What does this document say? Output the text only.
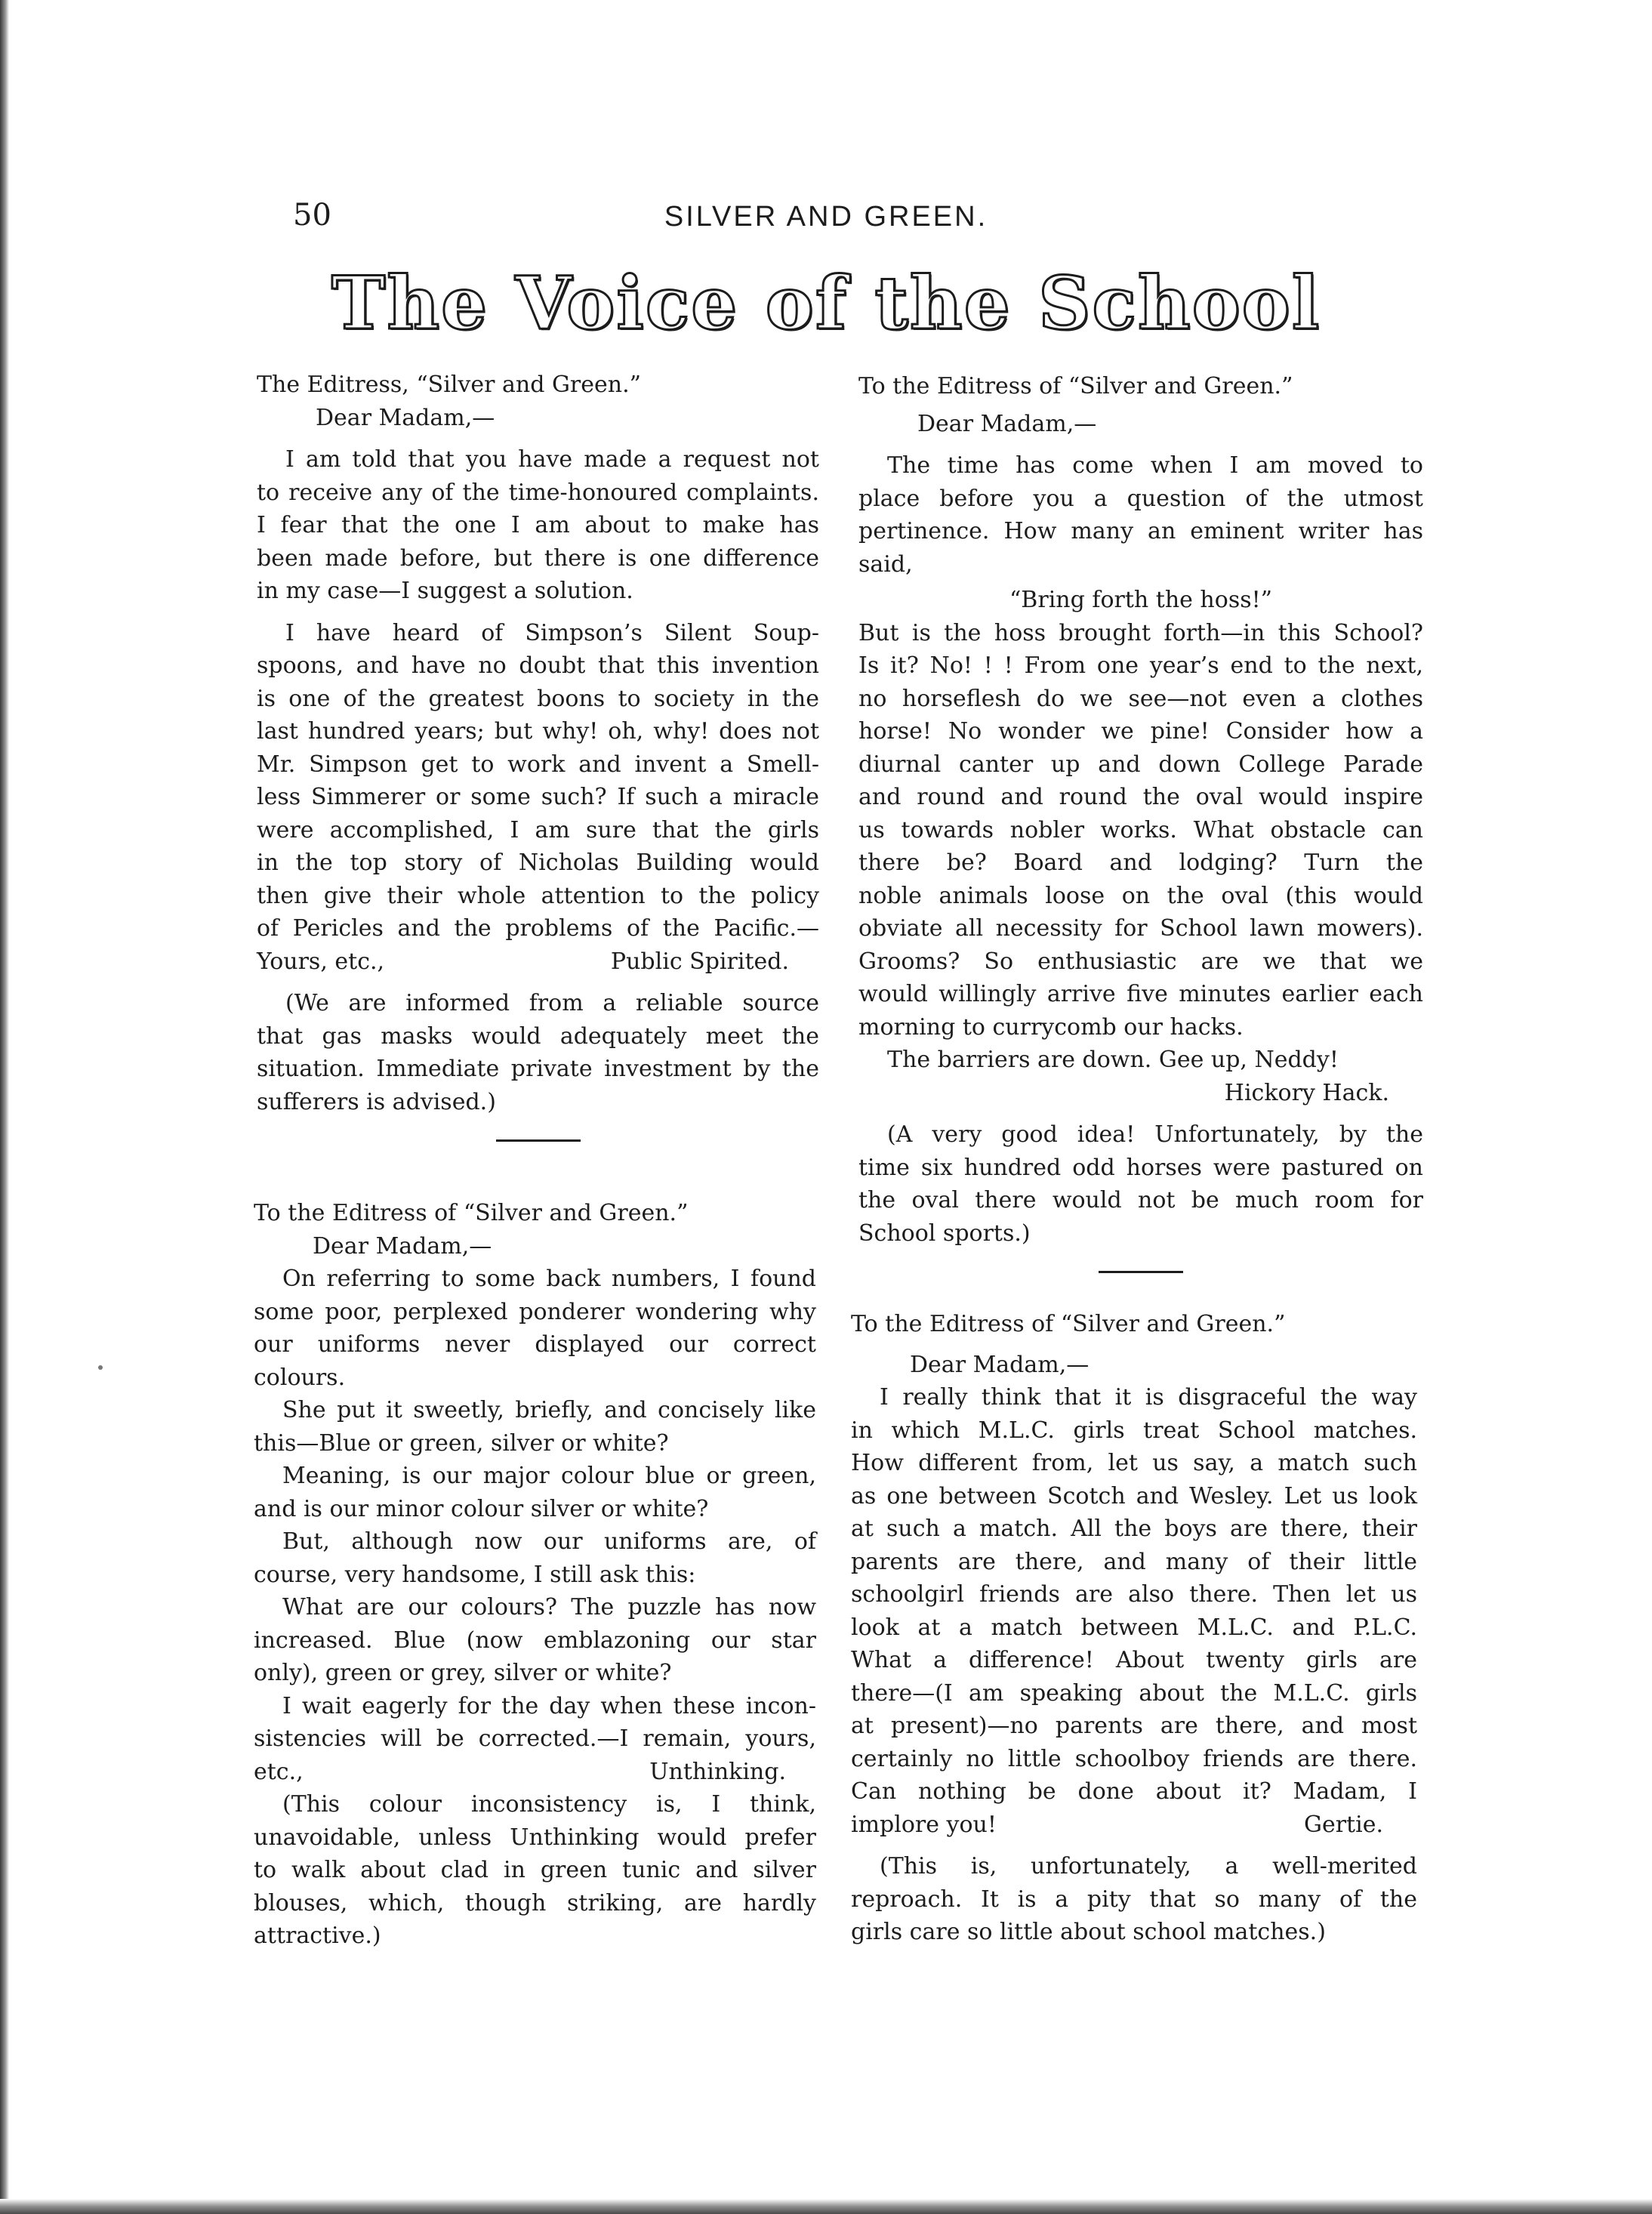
50	SILVER AND GREEN.
The Voice of the School

The Editress, “Silver and Green.”

Dear Madam,—

I am told that you have made a request not

to receive any of the time-honoured complaints.

I fear that the one I am about to make has

been made before, but there is one difference

in my case—I suggest a solution.

I have heard of Simpson’s Silent Soup-

spoons, and have no doubt that this invention

is one of the greatest boons to society in the

last hundred years; but why! oh, why! does not

Mr. Simpson get to work and invent a Smell-

less Simmerer or some such? If such a miracle

were accomplished, I am sure that the girls

in the top story of Nicholas Building would

then give their whole attention to the policy

of Pericles and the problems of the Pacific.—

Yours, etc.,	Public Spirited.

(We are informed from a reliable source

that gas masks would adequately meet the

situation. Immediate private investment by the

sufferers is advised.)

To the Editress of “Silver and Green.”

Dear Madam,—

On referring to some back numbers, I found

some poor, perplexed ponderer wondering why

our uniforms never displayed our correct

colours.

She put it sweetly, briefly, and concisely like

this—Blue or green, silver or white?

Meaning, is our major colour blue or green,

and is our minor colour silver or white?

But, although now our uniforms are, of

course, very handsome, I still ask this:

What are our colours? The puzzle has now

increased. Blue (now emblazoning our star

only), green or grey, silver or white?

I wait eagerly for the day when these incon-

sistencies will be corrected.—I remain, yours,

etc.,	Unthinking.

(This colour inconsistency is, I think,

unavoidable, unless Unthinking would prefer

to walk about clad in green tunic and silver

blouses, which, though striking, are hardly

attractive.)

To the Editress of “Silver and Green.”

Dear Madam,—

The time has come when I am moved to

place before you a question of the utmost

pertinence. How many an eminent writer has

said,

“Bring forth the hoss!”

But is the hoss brought forth—in this School?

Is it? No! ! ! From one year’s end to the next,

no horseflesh do we see—not even a clothes

horse! No wonder we pine! Consider how a

diurnal canter up and down College Parade

and round and round the oval would inspire

us towards nobler works. What obstacle can

there be? Board and lodging? Turn the

noble animals loose on the oval (this would

obviate all necessity for School lawn mowers).

Grooms? So enthusiastic are we that we

would willingly arrive five minutes earlier each

morning to currycomb our hacks.

The barriers are down. Gee up, Neddy!

Hickory Hack.

(A very good idea! Unfortunately, by the

time six hundred odd horses were pastured on

the oval there would not be much room for

School sports.)

To the Editress of “Silver and Green.”

Dear Madam,—

I really think that it is disgraceful the way

in which M.L.C. girls treat School matches.

How different from, let us say, a match such

as one between Scotch and Wesley. Let us look

at such a match. All the boys are there, their

parents are there, and many of their little

schoolgirl friends are also there. Then let us

look at a match between M.L.C. and P.L.C.

What a difference! About twenty girls are

there—(I am speaking about the M.L.C. girls

at present)—no parents are there, and most

certainly no little schoolboy friends are there.

Can nothing be done about it? Madam, I

implore you!	Gertie.

(This is, unfortunately, a well-merited

reproach. It is a pity that so many of the

girls care so little about school matches.)
